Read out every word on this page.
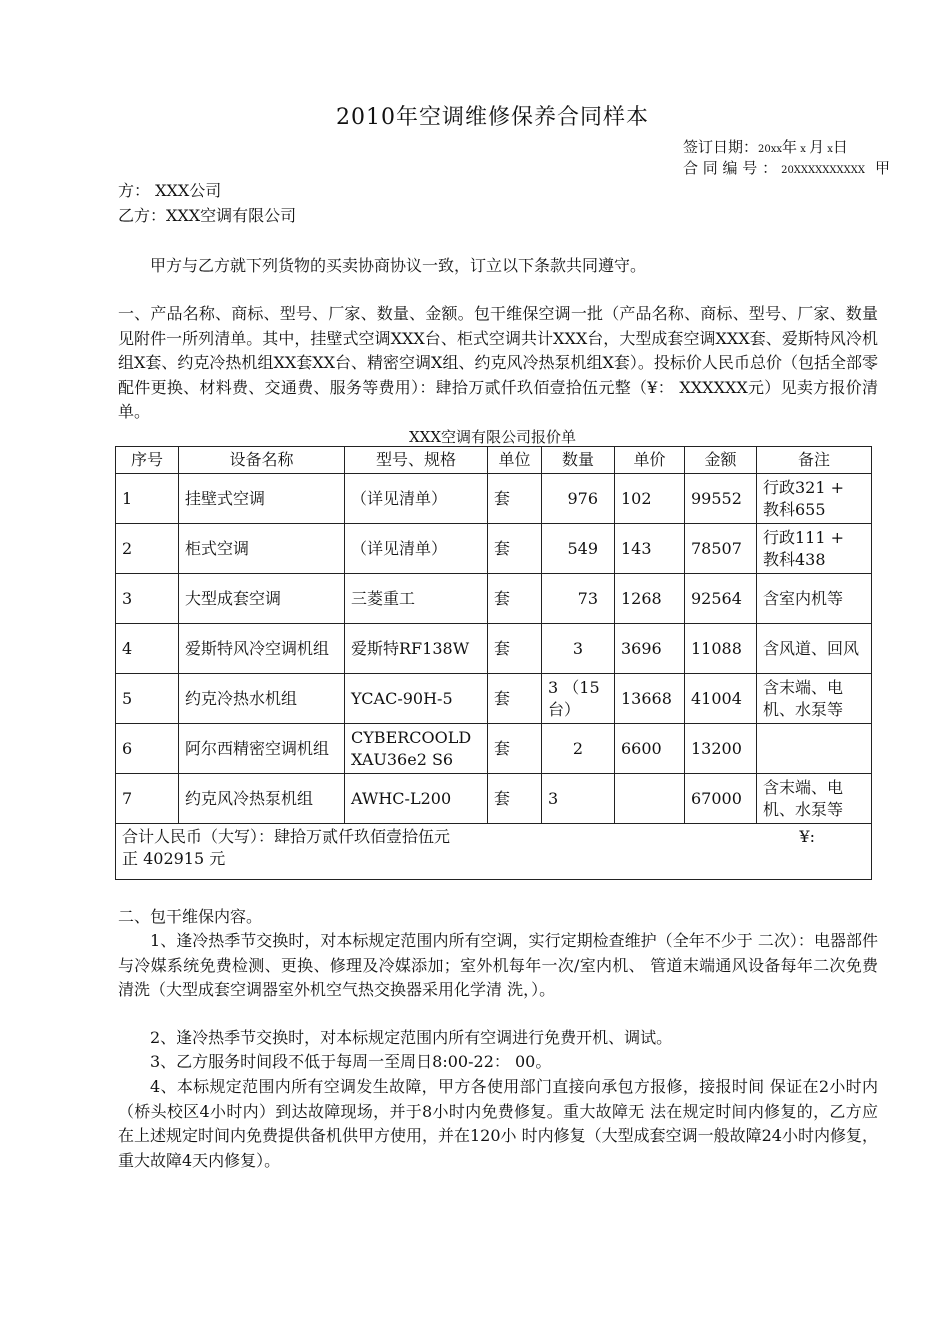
2010年空调维修保养合同样本
签订日期：20xx年 x 月 x日
合 同 编 号 ： 20XXXXXXXXXX 甲
方： XXX公司
乙方：XXX空调有限公司
甲方与乙方就下列货物的买卖协商协议一致，订立以下条款共同遵守。
一、产品名称、商标、型号、厂家、数量、金额。包干维保空调一批（产品名称、商标、型号、厂家、数量见附件一所列清单。其中，挂壁式空调XXX台、柜式空调共计XXX台，大型成套空调XXX套、爱斯特风冷机组X套、约克冷热机组XX套XX台、精密空调X组、约克风冷热泵机组X套）。投标价人民币总价（包括全部零配件更换、材料费、交通费、服务等费用）：肆拾万贰仟玖佰壹拾伍元整（¥： XXXXXX元）见卖方报价清单。
XXX空调有限公司报价单
序号	设备名称	型号、规格	单位	数量	单价	金额	备注
1	挂壁式空调	（详见清单）	套	976	102	99552	行政321 + 教科655
2	柜式空调	（详见清单）	套	549	143	78507	行政111 + 教科438
3	大型成套空调	三菱重工	套	73	1268	92564	含室内机等
4	爱斯特风冷空调机组	爱斯特RF138W	套	3	3696	11088	含风道、回风
5	约克冷热水机组	YCAC-90H-5	套	3 （15台）	13668	41004	含末端、电机、水泵等
6	阿尔西精密空调机组	CYBERCOOLDXAU36e2 S6	套	2	6600	13200	
7	约克风冷热泵机组	AWHC-L200	套	3		67000	含末端、电机、水泵等

合计人民币（大写）：肆拾万贰仟玖佰壹拾伍元 ¥:
正 402915 元							
二、包干维保内容。
1、逢冷热季节交换时，对本标规定范围内所有空调，实行定期检查维护（全年不少于 二次）：电器部件与冷媒系统免费检测、更换、修理及冷媒添加；室外机每年一次/室内机、 管道末端通风设备每年二次免费清洗（大型成套空调器室外机空气热交换器采用化学清 洗，）。
2、逢冷热季节交换时，对本标规定范围内所有空调进行免费开机、调试。
3、乙方服务时间段不低于每周一至周日8:00-22： 00。
4、本标规定范围内所有空调发生故障，甲方各使用部门直接向承包方报修，接报时间 保证在2小时内（桥头校区4小时内）到达故障现场，并于8小时内免费修复。重大故障无 法在规定时间内修复的，乙方应在上述规定时间内免费提供备机供甲方使用，并在120小 时内修复（大型成套空调一般故障24小时内修复，重大故障4天内修复）。
